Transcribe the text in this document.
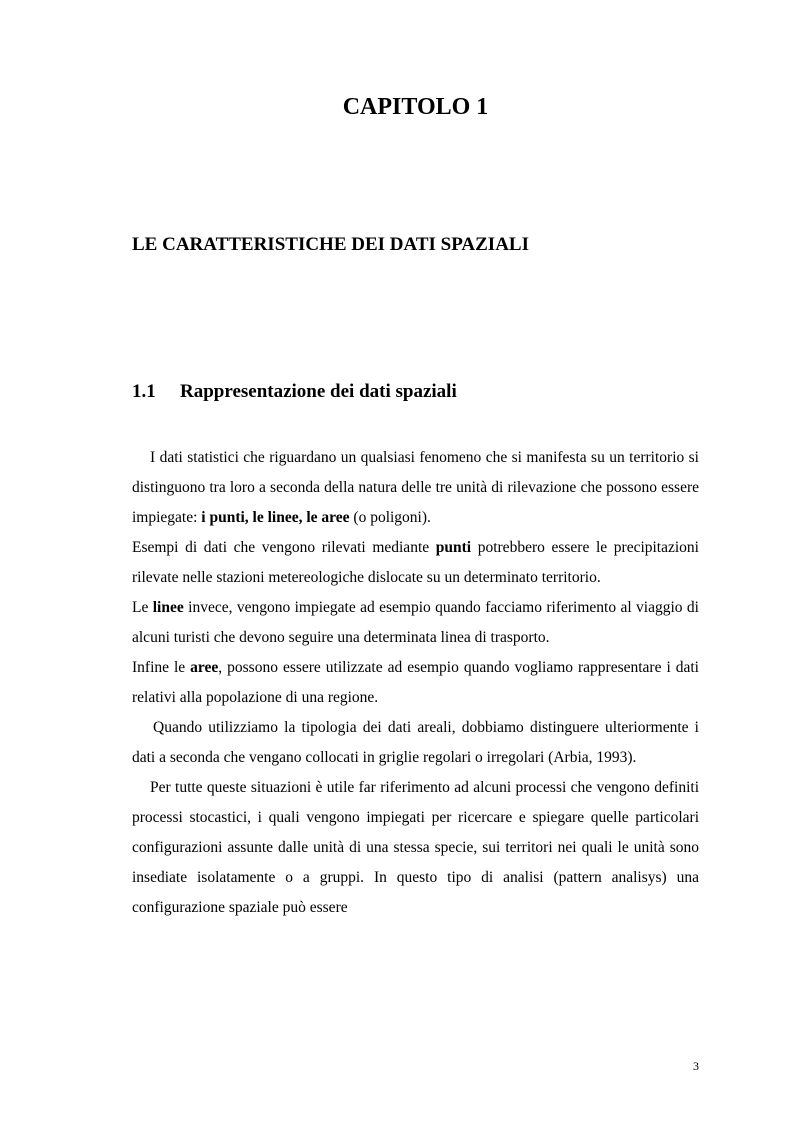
CAPITOLO 1
LE CARATTERISTICHE DEI DATI SPAZIALI
1.1 Rappresentazione dei dati spaziali

I dati statistici che riguardano un qualsiasi fenomeno che si manifesta su un territorio si distinguono tra loro a seconda della natura delle tre unità di rilevazione che possono essere impiegate: i punti, le linee, le aree (o poligoni).

Esempi di dati che vengono rilevati mediante punti potrebbero essere le precipitazioni rilevate nelle stazioni metereologiche dislocate su un determinato territorio.

Le linee invece, vengono impiegate ad esempio quando facciamo riferimento al viaggio di alcuni turisti che devono seguire una determinata linea di trasporto.

Infine le aree, possono essere utilizzate ad esempio quando vogliamo rappresentare i dati relativi alla popolazione di una regione.

Quando utilizziamo la tipologia dei dati areali, dobbiamo distinguere ulteriormente i dati a seconda che vengano collocati in griglie regolari o irregolari (Arbia, 1993).

Per tutte queste situazioni è utile far riferimento ad alcuni processi che vengono definiti processi stocastici, i quali vengono impiegati per ricercare e spiegare quelle particolari configurazioni assunte dalle unità di una stessa specie, sui territori nei quali le unità sono insediate isolatamente o a gruppi. In questo tipo di analisi (pattern analisys) una configurazione spaziale può essere

3
